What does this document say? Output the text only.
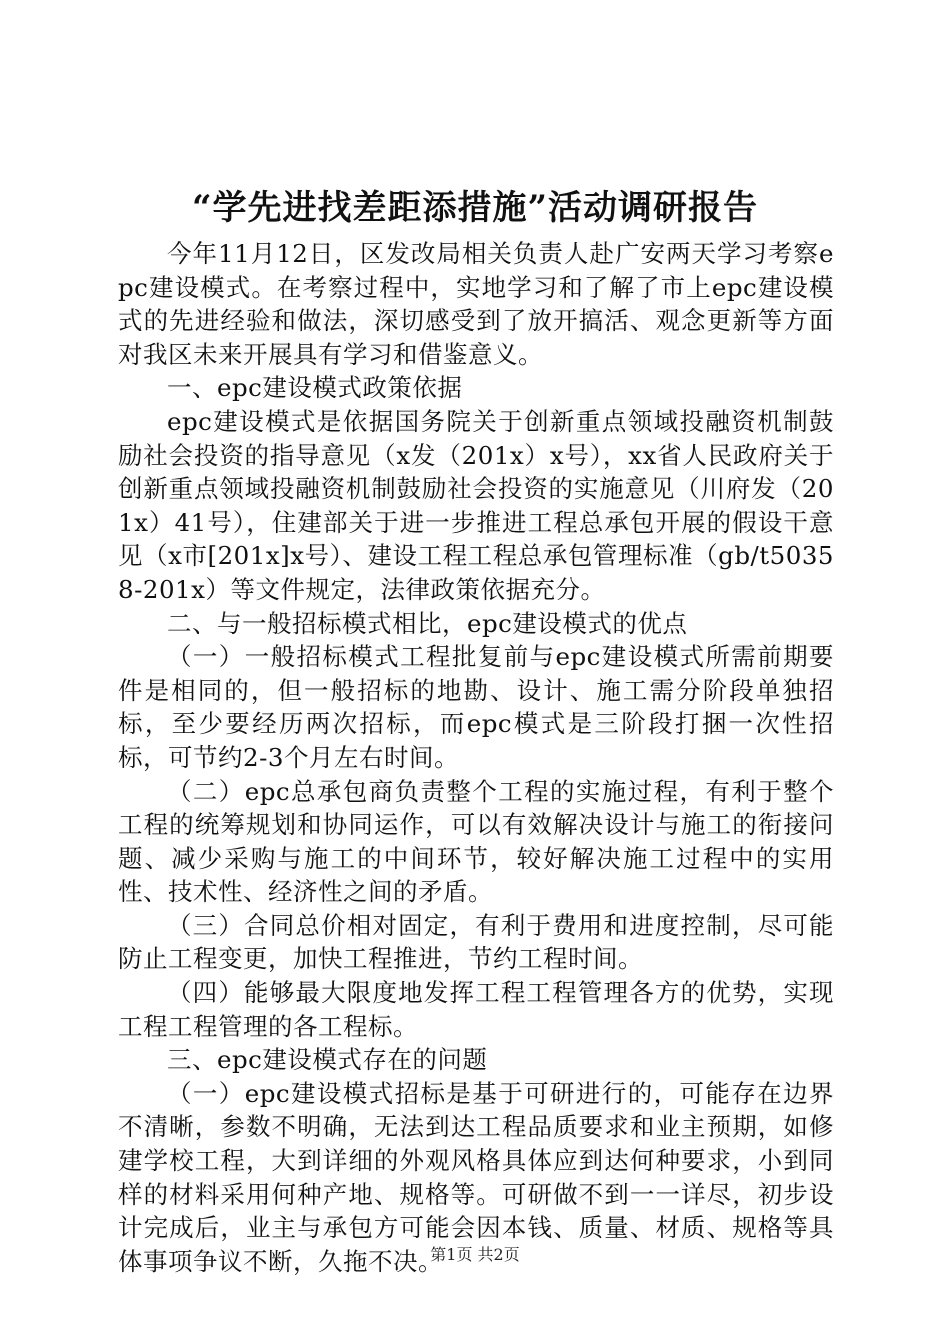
“学先进找差距添措施”活动调研报告

今年11月12日，区发改局相关负责人赴广安两天学习考察epc建设模式。在考察过程中，实地学习和了解了市上epc建设模式的先进经验和做法，深切感受到了放开搞活、观念更新等方面对我区未来开展具有学习和借鉴意义。

一、epc建设模式政策依据

epc建设模式是依据国务院关于创新重点领域投融资机制鼓励社会投资的指导意见（x发（201x）x号），xx省人民政府关于创新重点领域投融资机制鼓励社会投资的实施意见（川府发（201x）41号），住建部关于进一步推进工程总承包开展的假设干意见（x市[201x]x号）、建设工程工程总承包管理标准（gb/t50358-201x）等文件规定，法律政策依据充分。

二、与一般招标模式相比，epc建设模式的优点

（一）一般招标模式工程批复前与epc建设模式所需前期要件是相同的，但一般招标的地勘、设计、施工需分阶段单独招标，至少要经历两次招标，而epc模式是三阶段打捆一次性招标，可节约2-3个月左右时间。

（二）epc总承包商负责整个工程的实施过程，有利于整个工程的统筹规划和协同运作，可以有效解决设计与施工的衔接问题、减少采购与施工的中间环节，较好解决施工过程中的实用性、技术性、经济性之间的矛盾。

（三）合同总价相对固定，有利于费用和进度控制，尽可能防止工程变更，加快工程推进，节约工程时间。

（四）能够最大限度地发挥工程工程管理各方的优势，实现工程工程管理的各工程标。

三、epc建设模式存在的问题

（一）epc建设模式招标是基于可研进行的，可能存在边界不清晰，参数不明确，无法到达工程品质要求和业主预期，如修建学校工程，大到详细的外观风格具体应到达何种要求，小到同样的材料采用何种产地、规格等。可研做不到一一详尽，初步设计完成后，业主与承包方可能会因本钱、质量、材质、规格等具体事项争议不断，久拖不决。

第1页 共2页
